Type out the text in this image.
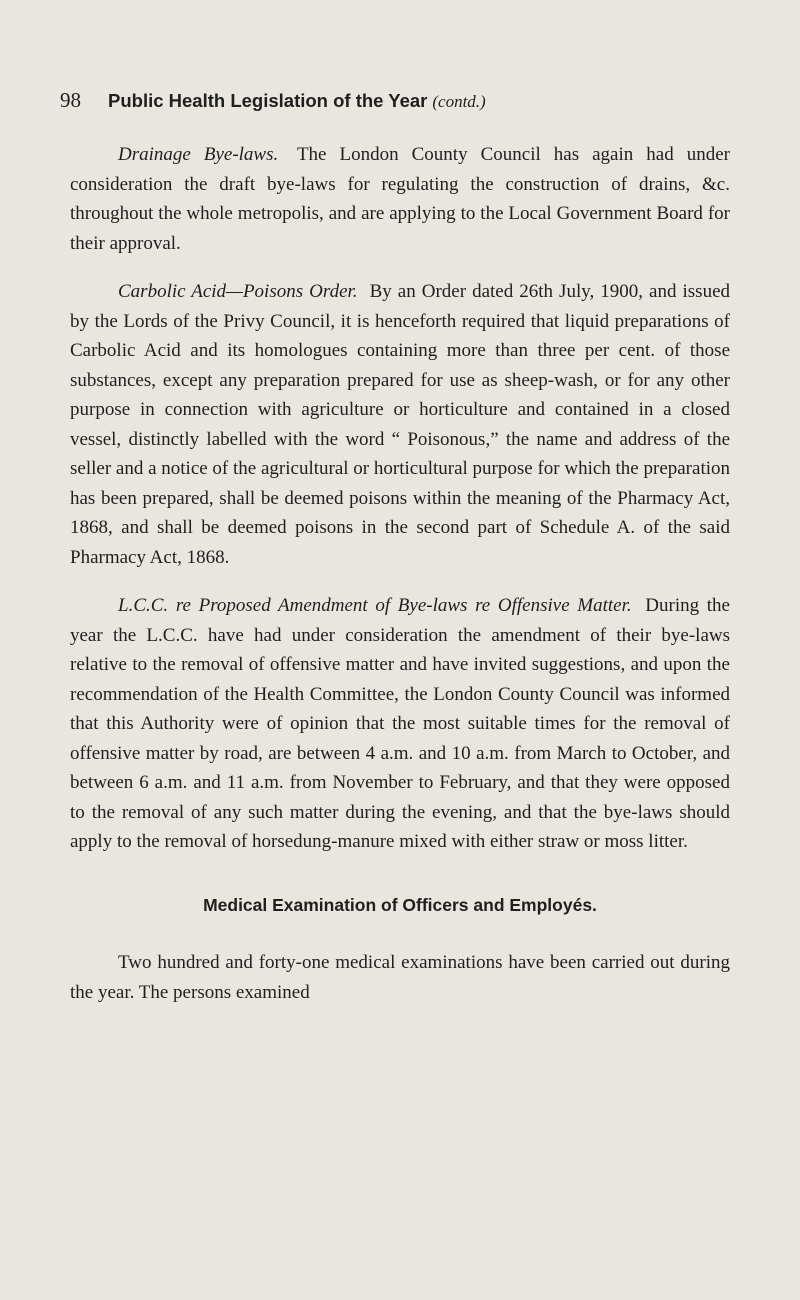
98 Public Health Legislation of the Year (contd.)

Drainage Bye-laws. The London County Council has again had under consideration the draft bye-laws for regulating the construction of drains, &c. throughout the whole metropolis, and are applying to the Local Government Board for their approval.

Carbolic Acid—Poisons Order. By an Order dated 26th July, 1900, and issued by the Lords of the Privy Council, it is henceforth required that liquid preparations of Carbolic Acid and its homologues containing more than three per cent. of those substances, except any preparation prepared for use as sheep-wash, or for any other purpose in connection with agriculture or horticulture and contained in a closed vessel, distinctly labelled with the word “ Poisonous,” the name and address of the seller and a notice of the agricultural or horticultural purpose for which the preparation has been prepared, shall be deemed poisons within the meaning of the Pharmacy Act, 1868, and shall be deemed poisons in the second part of Schedule A. of the said Pharmacy Act, 1868.

L.C.C. re Proposed Amendment of Bye-laws re Offensive Matter. During the year the L.C.C. have had under consideration the amendment of their bye-laws relative to the removal of offensive matter and have invited suggestions, and upon the recommendation of the Health Committee, the London County Council was informed that this Authority were of opinion that the most suitable times for the removal of offensive matter by road, are between 4 a.m. and 10 a.m. from March to October, and between 6 a.m. and 11 a.m. from November to February, and that they were opposed to the removal of any such matter during the evening, and that the bye-laws should apply to the removal of horsedung-manure mixed with either straw or moss litter.

Medical Examination of Officers and Employés.

Two hundred and forty-one medical examinations have been carried out during the year. The persons examined
